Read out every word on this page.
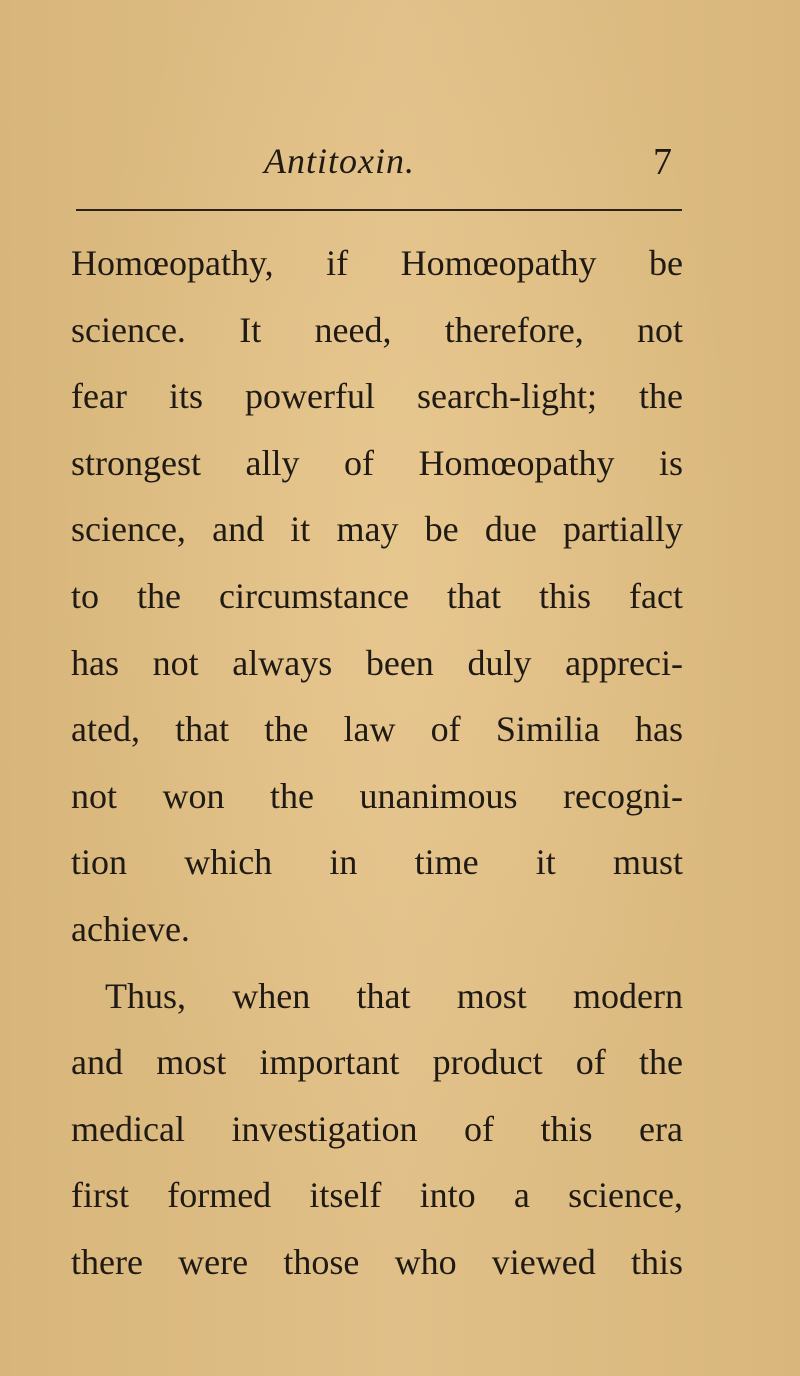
Antitoxin.	7
Homœopathy, if Homœopathy be
science. It need, therefore, not
fear its powerful search-light; the
strongest ally of Homœopathy is
science, and it may be due partially
to the circumstance that this fact
has not always been duly appreci-
ated, that the law of Similia has
not won the unanimous recogni-
tion which in time it must
achieve.
Thus, when that most modern
and most important product of the
medical investigation of this era
first formed itself into a science,
there were those who viewed this
